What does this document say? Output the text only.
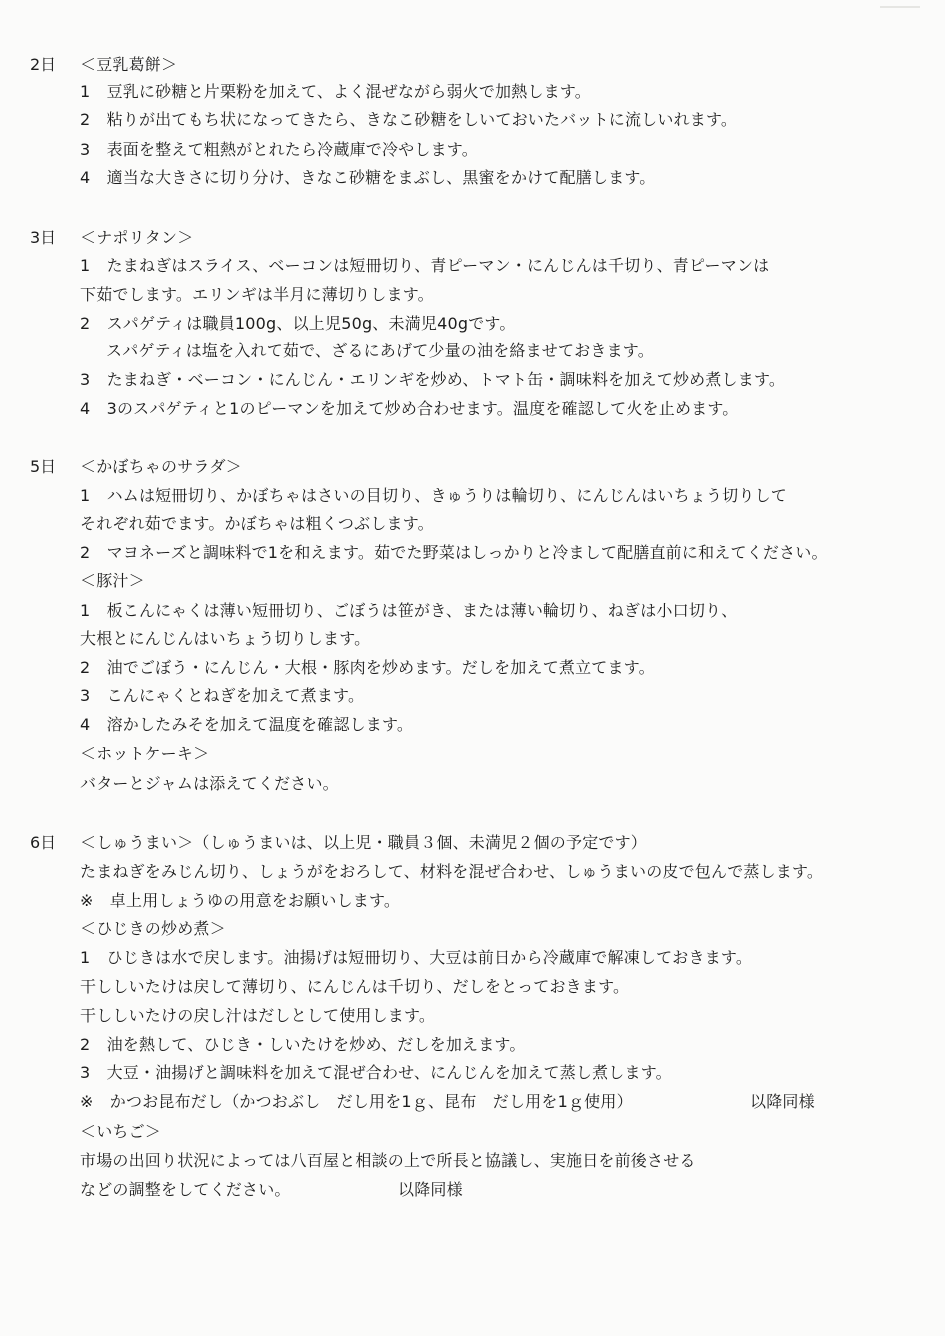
2日 ＜豆乳葛餅＞
1　豆乳に砂糖と片栗粉を加えて、よく混ぜながら弱火で加熱します。
2　粘りが出てもち状になってきたら、きなこ砂糖をしいておいたバットに流しいれます。
3　表面を整えて粗熱がとれたら冷蔵庫で冷やします。
4　適当な大きさに切り分け、きなこ砂糖をまぶし、黒蜜をかけて配膳します。
3日 ＜ナポリタン＞
1　たまねぎはスライス、ベーコンは短冊切り、青ピーマン・にんじんは千切り、青ピーマンは
下茹でします。エリンギは半月に薄切りします。
2　スパゲティは職員100g、以上児50g、未満児40gです。
スパゲティは塩を入れて茹で、ざるにあげて少量の油を絡ませておきます。
3　たまねぎ・ベーコン・にんじん・エリンギを炒め、トマト缶・調味料を加えて炒め煮します。
4　3のスパゲティと1のピーマンを加えて炒め合わせます。温度を確認して火を止めます。
5日 ＜かぼちゃのサラダ＞
1　ハムは短冊切り、かぼちゃはさいの目切り、きゅうりは輪切り、にんじんはいちょう切りして
それぞれ茹でます。かぼちゃは粗くつぶします。
2　マヨネーズと調味料で1を和えます。茹でた野菜はしっかりと冷まして配膳直前に和えてください。
＜豚汁＞
1　板こんにゃくは薄い短冊切り、ごぼうは笹がき、または薄い輪切り、ねぎは小口切り、
大根とにんじんはいちょう切りします。
2　油でごぼう・にんじん・大根・豚肉を炒めます。だしを加えて煮立てます。
3　こんにゃくとねぎを加えて煮ます。
4　溶かしたみそを加えて温度を確認します。
＜ホットケーキ＞
バターとジャムは添えてください。
6日 ＜しゅうまい＞（しゅうまいは、以上児・職員３個、未満児２個の予定です）
たまねぎをみじん切り、しょうがをおろして、材料を混ぜ合わせ、しゅうまいの皮で包んで蒸します。
※　卓上用しょうゆの用意をお願いします。
＜ひじきの炒め煮＞
1　ひじきは水で戻します。油揚げは短冊切り、大豆は前日から冷蔵庫で解凍しておきます。
干ししいたけは戻して薄切り、にんじんは千切り、だしをとっておきます。
干ししいたけの戻し汁はだしとして使用します。
2　油を熱して、ひじき・しいたけを炒め、だしを加えます。
3　大豆・油揚げと調味料を加えて混ぜ合わせ、にんじんを加えて蒸し煮します。
※　かつお昆布だし（かつおぶし　だし用を1ｇ、昆布　だし用を1ｇ使用）	以降同様
＜いちご＞
市場の出回り状況によっては八百屋と相談の上で所長と協議し、実施日を前後させる
などの調整をしてください。	以降同様
